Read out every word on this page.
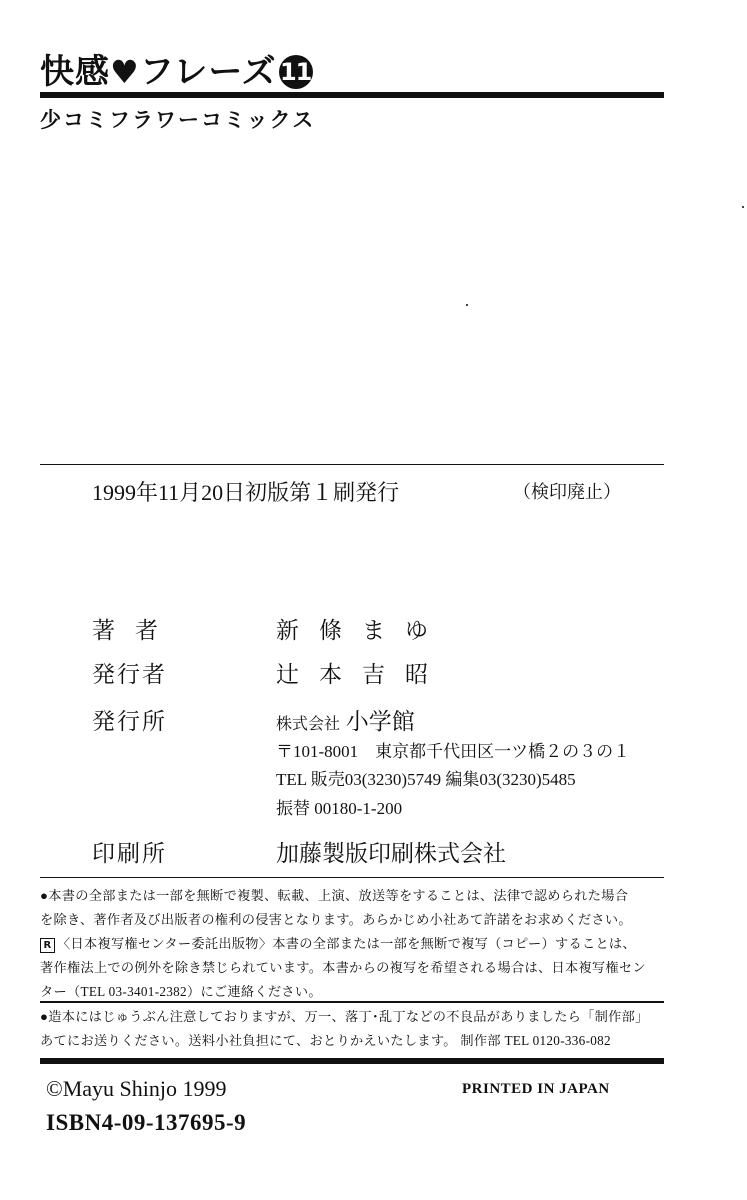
快感♥フレーズ 11
少コミフラワーコミックス
1999年11月20日初版第１刷発行	（検印廃止）
著者	新條まゆ
発行者	辻本吉昭
発行所	株式会社 小学館
〒101-8001　東京都千代田区一ツ橋２の３の１
TEL 販売03(3230)5749 編集03(3230)5485
振替 00180-1-200
印刷所	加藤製版印刷株式会社
●本書の全部または一部を無断で複製、転載、上演、放送等をすることは、法律で認められた場合
を除き、著作者及び出版者の権利の侵害となります。あらかじめ小社あて許諾をお求めください。
R 〈日本複写権センター委託出版物〉本書の全部または一部を無断で複写（コピー）することは、
著作権法上での例外を除き禁じられています。本書からの複写を希望される場合は、日本複写権セン
ター（TEL 03-3401-2382）にご連絡ください。
●造本にはじゅうぶん注意しておりますが、万一、落丁･乱丁などの不良品がありましたら「制作部」
あてにお送りください。送料小社負担にて、おとりかえいたします。 制作部 TEL 0120-336-082
©Mayu Shinjo 1999	PRINTED IN JAPAN
ISBN4-09-137695-9
